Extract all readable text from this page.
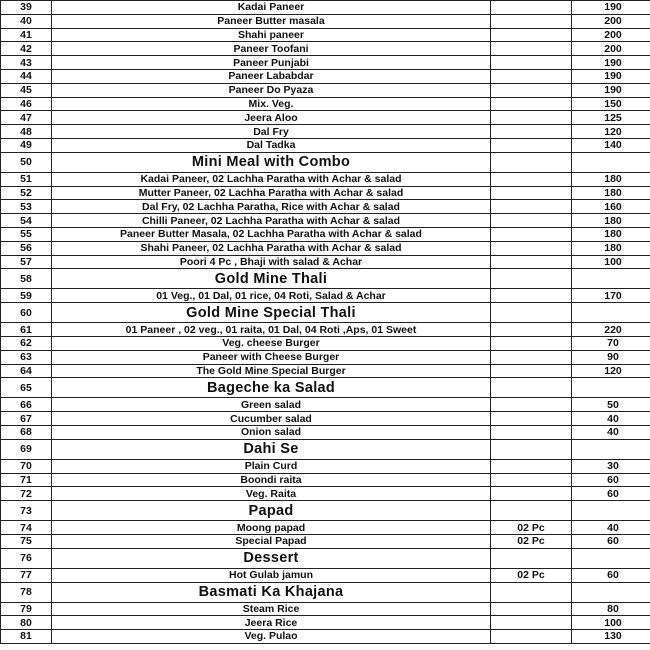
39	Kadai Paneer		190
40	Paneer Butter masala		200
41	Shahi paneer		200
42	Paneer Toofani		200
43	Paneer Punjabi		190
44	Paneer Lababdar		190
45	Paneer Do Pyaza		190
46	Mix. Veg.		150
47	Jeera Aloo		125
48	Dal Fry		120
49	Dal Tadka		140
50	Mini Meal with Combo		
51	Kadai Paneer, 02 Lachha Paratha with Achar & salad		180
52	Mutter Paneer, 02 Lachha Paratha with Achar & salad		180
53	Dal Fry, 02 Lachha Paratha, Rice with Achar & salad		160
54	Chilli Paneer, 02 Lachha Paratha with Achar & salad		180
55	Paneer Butter Masala, 02 Lachha Paratha with Achar & salad		180
56	Shahi Paneer, 02 Lachha Paratha with Achar & salad		180
57	Poori 4 Pc , Bhaji with salad & Achar		100
58	Gold Mine Thali		
59	01 Veg., 01 Dal, 01 rice, 04 Roti, Salad & Achar		170
60	Gold Mine Special Thali		
61	01 Paneer , 02 veg., 01 raita, 01 Dal, 04 Roti ,Aps, 01 Sweet		220
62	Veg. cheese Burger		70
63	Paneer with Cheese Burger		90
64	The Gold Mine Special Burger		120
65	Bageche ka Salad		
66	Green salad		50
67	Cucumber salad		40
68	Onion salad		40
69	Dahi Se		
70	Plain Curd		30
71	Boondi raita		60
72	Veg. Raita		60
73	Papad		
74	Moong papad	02 Pc	40
75	Special Papad	02 Pc	60
76	Dessert		
77	Hot Gulab jamun	02 Pc	60
78	Basmati Ka Khajana		
79	Steam Rice		80
80	Jeera Rice		100
81	Veg. Pulao		130
